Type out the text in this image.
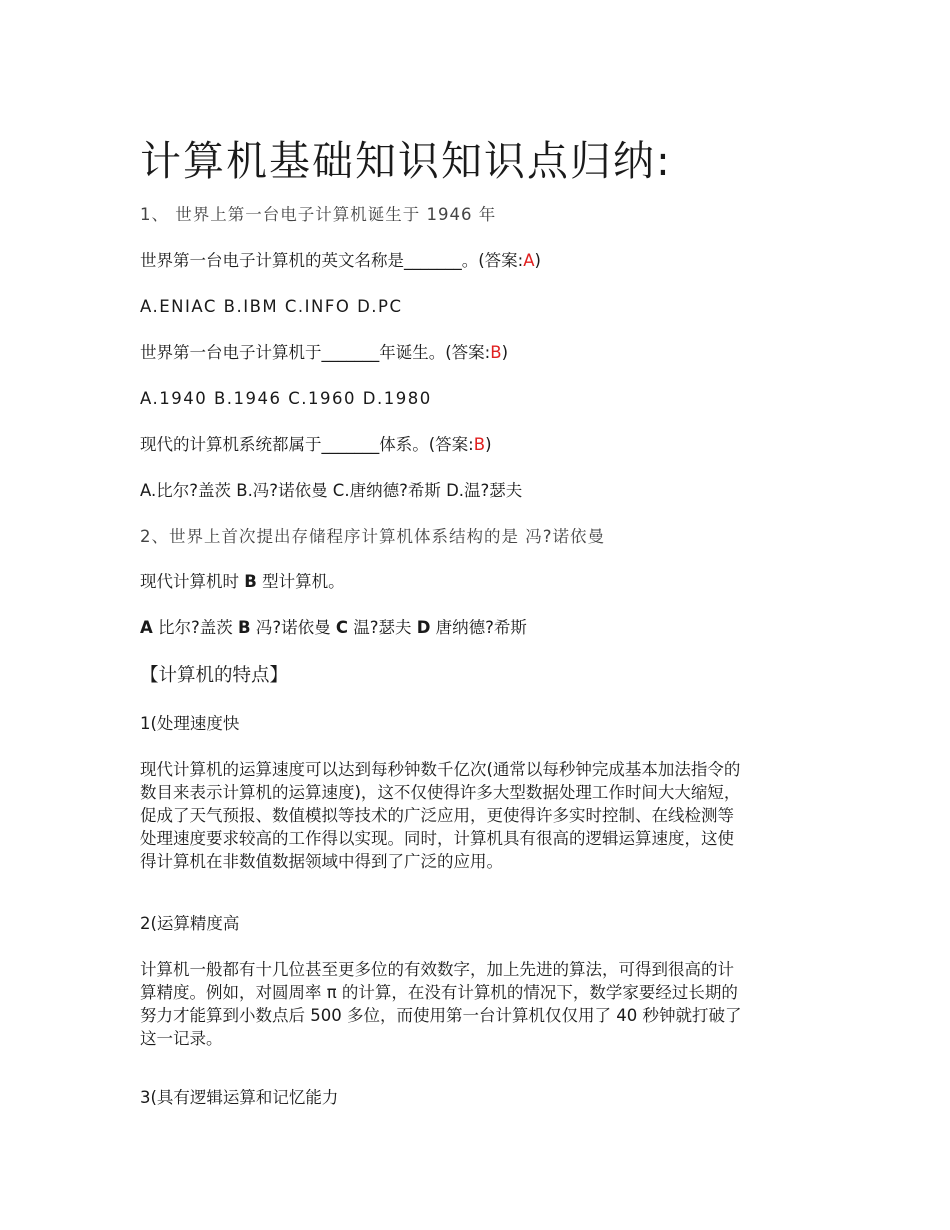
计算机基础知识知识点归纳:
1、 世界上第一台电子计算机诞生于 1946 年
世界第一台电子计算机的英文名称是_______。(答案:A)
A.ENIAC B.IBM C.INFO D.PC
世界第一台电子计算机于_______年诞生。(答案:B)
A.1940 B.1946 C.1960 D.1980
现代的计算机系统都属于_______体系。(答案:B)
A.比尔?盖茨 B.冯?诺依曼 C.唐纳德?希斯 D.温?瑟夫
2、世界上首次提出存储程序计算机体系结构的是 冯?诺依曼
现代计算机时 B 型计算机。
A 比尔?盖茨 B 冯?诺依曼 C 温?瑟夫 D 唐纳德?希斯
【计算机的特点】
1(处理速度快
现代计算机的运算速度可以达到每秒钟数千亿次(通常以每秒钟完成基本加法指令的
数目来表示计算机的运算速度)，这不仅使得许多大型数据处理工作时间大大缩短，
促成了天气预报、数值模拟等技术的广泛应用，更使得许多实时控制、在线检测等
处理速度要求较高的工作得以实现。同时，计算机具有很高的逻辑运算速度，这使
得计算机在非数值数据领域中得到了广泛的应用。
2(运算精度高
计算机一般都有十几位甚至更多位的有效数字，加上先进的算法，可得到很高的计
算精度。例如，对圆周率 π 的计算，在没有计算机的情况下，数学家要经过长期的
努力才能算到小数点后 500 多位，而使用第一台计算机仅仅用了 40 秒钟就打破了
这一记录。
3(具有逻辑运算和记忆能力
